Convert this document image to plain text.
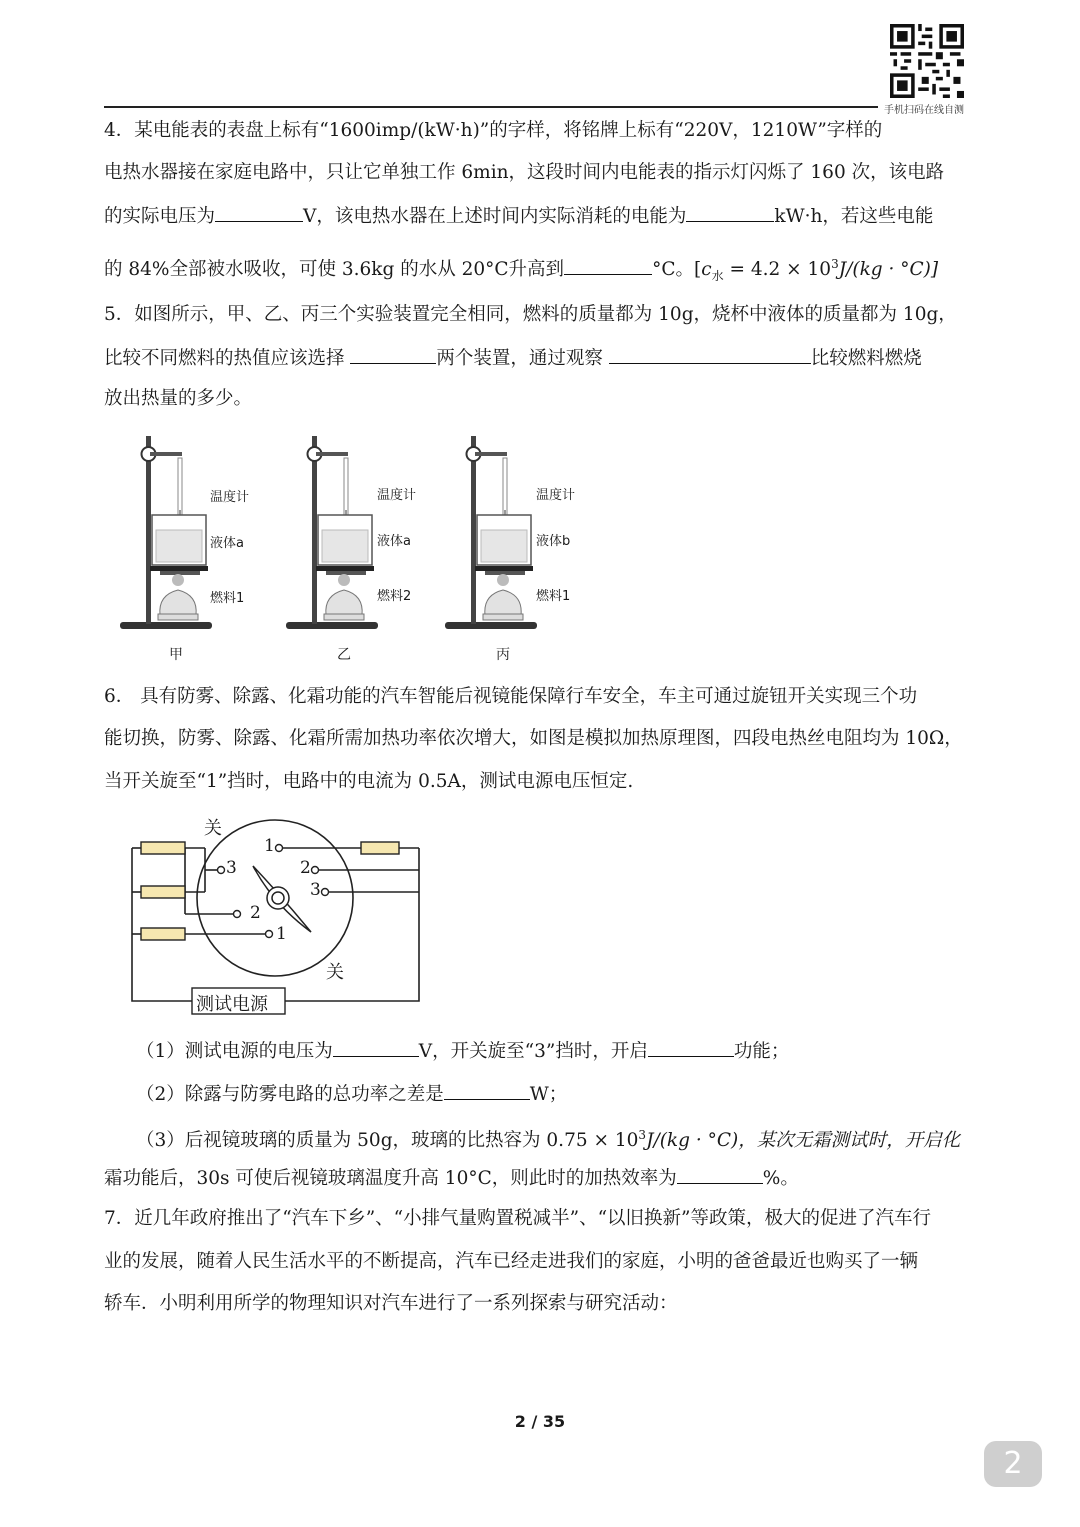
手机扫码在线自测
4．某电能表的表盘上标有“1600imp/(kW·h)”的字样，将铭牌上标有“220V，1210W”字样的
电热水器接在家庭电路中，只让它单独工作 6min，这段时间内电能表的指示灯闪烁了 160 次，该电路
的实际电压为	V，该电热水器在上述时间内实际消耗的电能为	kW·h，若这些电能
的 84%全部被水吸收，可使 3.6kg 的水从 20°C升高到	°C。$[c_水 = 4.2 \times 10^3J/(kg \cdot ^\circ C)]$
5．如图所示，甲、乙、丙三个实验装置完全相同，燃料的质量都为 10g，烧杯中液体的质量都为 10g，
比较不同燃料的热值应该选择	两个装置，通过观察	比较燃料燃烧
放出热量的多少。
温度计
液体a
燃料1
甲
温度计
液体a
燃料2
乙
温度计
液体b
燃料1
丙
6． 具有防雾、除露、化霜功能的汽车智能后视镜能保障行车安全，车主可通过旋钮开关实现三个功
能切换，防雾、除露、化霜所需加热功率依次增大，如图是模拟加热原理图，四段电热丝电阻均为 10Ω，
当开关旋至“1”挡时，电路中的电流为 0.5A，测试电源电压恒定.
关
关
1
2
3
3
2
1
测试电源
（1）测试电源的电压为	V，开关旋至“3”挡时，开启	功能；
（2）除露与防雾电路的总功率之差是	W；
（3）后视镜玻璃的质量为 50g，玻璃的比热容为 $0.75 \times 10^3J/(kg \cdot ^\circ C)$，某次无霜测试时，开启化
霜功能后，30s 可使后视镜玻璃温度升高 10°C，则此时的加热效率为	%。
7．近几年政府推出了“汽车下乡”、“小排气量购置税减半”、“以旧换新”等政策，极大的促进了汽车行
业的发展，随着人民生活水平的不断提高，汽车已经走进我们的家庭，小明的爸爸最近也购买了一辆
轿车．小明利用所学的物理知识对汽车进行了一系列探索与研究活动：
2 / 35
2
